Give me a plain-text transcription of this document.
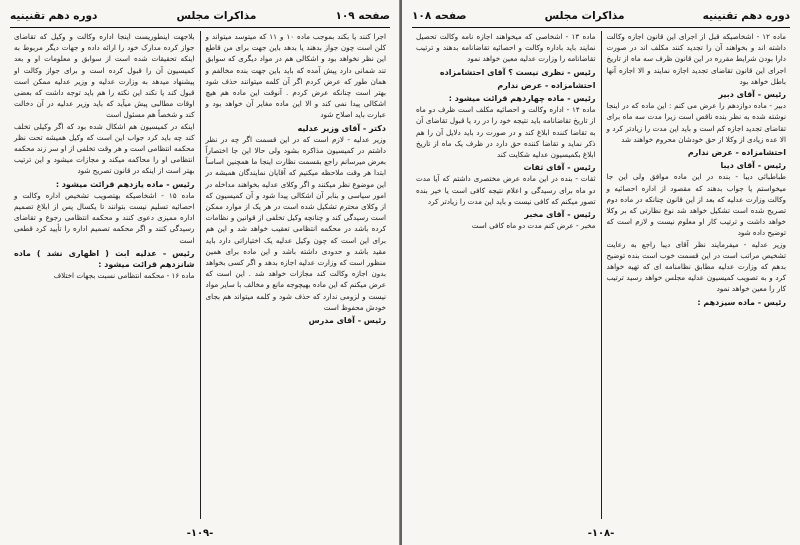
صفحه ۱۰۹
مذاکرات مجلس
دوره دهم تقنینیه

اجرا کنند یا بکند بموجب ماده ۱۰ و ۱۱ که میتوسد میتواند و کلن است چون جواز بدهند یا بدهد باین جهت برای من قاطع این نظر نخواهد بود و اشکالی هم در مواد دیگری که سوابق تند شمانی دارد پیش آمده که باید باین جهت بنده مخالفم و همان طور که عرض کردم اگر آن کلمه میتوانند حذف شود بهتر است چنانکه عرض کردم . آنوقت این ماده هم هیچ اشکالی پیدا نمی کند و الا این ماده مغایر آن خواهد بود و عبارت باید اصلاح شود

دکتر - آقای وزیر عدلیه

وزیر عدلیه - لازم است که در این قسمت اگر چه در نظر داشتم در کمیسیون مذاکره بشود ولی حالا این جا اختصاراً بعرض میرسانم راجع بقسمت نظارت اینجا ما همچنین اساساً ابتدا هر وقت ملاحظه میکنیم که آقایان نمایندگان همیشه در این موضوع نظر میکنند و اگر وکلای عدلیه بخواهند مداخله در امور سیاسی و بنابر آن اشکالی پیدا شود و آن کمیسیون که از وکلای محترم تشکیل شده است در هر یک از موارد ممکن است رسیدگی کند و چنانچه وکیل تخلفی از قوانین و نظامات کرده باشد در محکمه انتظامی تعقیب خواهد شد و این هم برای این است که چون وکیل عدلیه یک اختیاراتی دارد باید مقید باشد و حدودی داشته باشد و این ماده برای همین منظور است که وزارت عدلیه اجازه بدهد و اگر کسی بخواهد بدون اجازه وکالت کند مجازات خواهد شد . این است که عرض میکنم که این ماده بهیچوجه مانع و مخالف با سایر مواد نیست و لزومی ندارد که حذف شود و کلمه میتواند هم بجای خودش محفوظ است

رئیس - آقای مدرس

بلاجهت اینطوریست اینجا اداره وکالت و وکیل که تقاضای جواز کرده مدارک خود را ارائه داده و جهات دیگر مربوط به اینکه تحقیقات شده است از سوابق و معلومات او و بعد کمیسیون آن را قبول کرده است و برای جواز وکالت او پیشنهاد میدهد به وزارت عدلیه و وزیر عدلیه ممکن است قبول کند یا نکند این نکته را هم باید توجه داشت که بعضی اوقات مطالبی پیش میآید که باید وزیر عدلیه در آن دخالت کند و شخصاً هم مسئول است

اینکه در کمیسیون هم اشکال شده بود که اگر وکیلی تخلف کند چه باید کرد جواب این است که وکیل همیشه تحت نظر محکمه انتظامی است و هر وقت تخلفی از او سر زند محکمه انتظامی او را محاکمه میکند و مجازات میشود و این ترتیب بهتر است از اینکه در قانون تصریح شود

رئیس - ماده یازدهم قرائت میشود :

ماده ۱۵ - اشخاصیکه بهتصویب تشخیص اداره وکالت و احصائیه تسلیم نیست بتوانند تا یکسال پس از ابلاغ تصمیم اداره ممیزی دعوی کنند و محکمه انتظامی رجوع و تقاضای رسیدگی کنند و اگر محکمه تصمیم اداره را تأیید کرد قطعی است

رئیس - عدلیه ابت ( اظهاری نشد ) ماده شانزدهم قرائت میشود :

ماده ۱۶ - محکمه انتظامی نسبت بجهات اختلاف

-۱۰۹-
دوره دهم تقنینیه
مذاکرات مجلس
صفحه ۱۰۸

ماده ۱۲ - اشخاصیکه قبل از اجرای این قانون اجازه وکالت داشته اند و بخواهند آن را تجدید کنند مکلف اند در صورت دارا بودن شرایط مقرره در این قانون ظرف سه ماه از تاریخ اجرای این قانون تقاضای تجدید اجازه نمایند و الا اجازه آنها باطل خواهد بود

رئیس - آقای دبیر

دبیر - ماده دوازدهم را عرض می کنم : این ماده که در اینجا نوشته شده به نظر بنده ناقص است زیرا مدت سه ماه برای تقاضای تجدید اجازه کم است و باید این مدت را زیادتر کرد و الا عده زیادی از وکلا از حق خودشان محروم خواهند شد

احتشامزاده - عرض ندارم

رئیس - آقای دیبا

طباطبائی دیبا - بنده در این ماده موافق ولی این جا میخواستم یا جواب بدهند که مقصود از اداره احصائیه و وکالت وزارت عدلیه که بعد از این قانون چنانکه در ماده دوم تصریح شده است تشکیل خواهد شد نوع نظارتی که بر وکلا خواهد داشت و ترتیب کار او معلوم نیست و لازم است که توضیح داده شود

وزیر عدلیه - میفرمایند نظر آقای دیبا راجع به رعایت تشخیص مراتب است در این قسمت خوب است بنده توضیح بدهم که وزارت عدلیه مطابق نظامنامه ای که تهیه خواهد کرد و به تصویب کمیسیون عدلیه مجلس خواهد رسید ترتیب کار را معین خواهد نمود

رئیس - ماده سیزدهم :

ماده ۱۳ - اشخاصی که میخواهند اجازه نامه وکالت تحصیل نمایند باید باداره وکالت و احصائیه تقاضانامه بدهند و ترتیب تقاضانامه را وزارت عدلیه معین خواهد نمود

رئیس - نظری نیست ؟ آقای احتشامزاده

احتشامزاده - عرض ندارم

رئیس - ماده چهاردهم قرائت میشود :

ماده ۱۴ - اداره وکالت و احصائیه مکلف است ظرف دو ماه از تاریخ تقاضانامه باید نتیجه خود را در رد یا قبول تقاضای آن به تقاضا کننده ابلاغ کند و در صورت رد باید دلایل آن را هم ذکر نماید و تقاضا کننده حق دارد در ظرف یک ماه از تاریخ ابلاغ بکمیسیون عدلیه شکایت کند

رئیس - آقای ثقات

ثقات - بنده در این ماده عرض مختصری داشتم که آیا مدت دو ماه برای رسیدگی و اعلام نتیجه کافی است یا خیر بنده تصور میکنم که کافی نیست و باید این مدت را زیادتر کرد

رئیس - آقای مخبر

مخبر - عرض کنم مدت دو ماه کافی است

-۱۰۸-
